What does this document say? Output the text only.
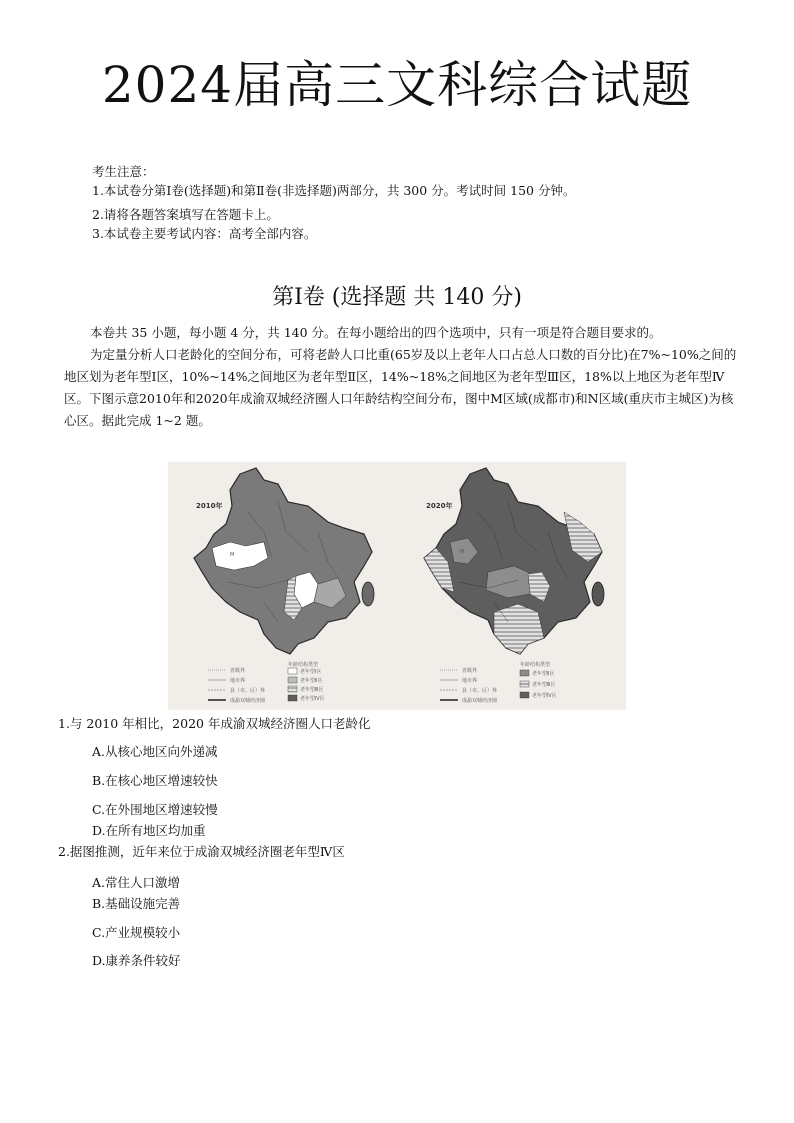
2024届高三文科综合试题
考生注意：
1.本试卷分第Ⅰ卷(选择题)和第Ⅱ卷(非选择题)两部分，共 300 分。考试时间 150 分钟。
2.请将各题答案填写在答题卡上。
3.本试卷主要考试内容：高考全部内容。
第Ⅰ卷 (选择题 共 140 分)

本卷共 35 小题，每小题 4 分，共 140 分。在每小题给出的四个选项中，只有一项是符合题目要求的。

为定量分析人口老龄化的空间分布，可将老龄人口比重(65岁及以上老年人口占总人口数的百分比)在7%~10%之间的地区划为老年型Ⅰ区，10%~14%之间地区为老年型Ⅱ区，14%~18%之间地区为老年型Ⅲ区，18%以上地区为老年型Ⅳ区。下图示意2010年和2020年成渝双城经济圈人口年龄结构空间分布，图中M区域(成都市)和N区域(重庆市主城区)为核心区。据此完成 1~2 题。

2010年
M
年龄结构类型
省级界
地市界
县（市、区）界
成渝双城经济圈
老年型Ⅰ区
老年型Ⅱ区
老年型Ⅲ区
老年型Ⅳ区
2020年
M
年龄结构类型
省级界
地市界
县（市、区）界
成渝双城经济圈
老年型Ⅱ区
老年型Ⅲ区
老年型Ⅳ区
1.与 2010 年相比，2020 年成渝双城经济圈人口老龄化
A.从核心地区向外递减
B.在核心地区增速较快
C.在外围地区增速较慢
D.在所有地区均加重
2.据图推测，近年来位于成渝双城经济圈老年型Ⅳ区
A.常住人口激增
B.基础设施完善
C.产业规模较小
D.康养条件较好
